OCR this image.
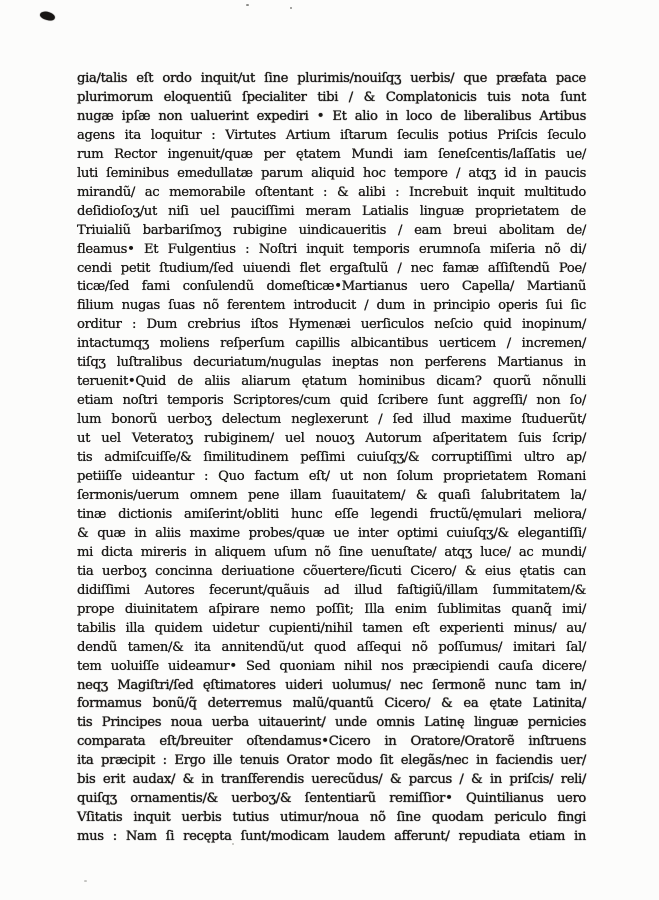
gia/talis eſt ordo inquit/ut ſine plurimis/nouiſqʒ uerbis/ que præfata pace
plurimorum eloquentiũ ſpecialiter tibi / & Complatonicis tuis nota ſunt
nugæ ipſæ non ualuerint expediri • Et alio in loco de liberalibus Artibus
agens ita loquitur : Virtutes Artium iſtarum ſeculis potius Priſcis ſeculo
rum Rector ingenuit/quæ per ętatem Mundi iam ſeneſcentis/laſſatis ue/
luti ſeminibus emedullatæ parum aliquid hoc tempore / atqʒ id in paucis
mirandũ/ ac memorabile oſtentant : & alibi : Increbuit inquit multitudo
deſidioſoʒ/ut niſi uel pauciſſimi meram Latialis linguæ proprietatem de
Triuialiũ barbariſmoʒ rubigine uindicaueritis / eam breui abolitam de/
fleamus• Et Fulgentius : Noſtri inquit temporis erumnoſa miſeria nõ di/
cendi petit ſtudium/ſed uiuendi flet ergaſtulũ / nec famæ aſſiſtendũ Poe/
ticæ/ſed fami conſulendũ domeſticæ•Martianus uero Capella/ Martianũ
filium nugas ſuas nõ ferentem introducit / dum in principio operis ſui ſic
orditur : Dum crebrius iſtos Hymenæi uerſiculos neſcio quid inopinum/
intactumqʒ moliens reſperſum capillis albicantibus uerticem / incremen/
tiſqʒ luſtralibus decuriatum/nugulas ineptas non perferens Martianus in
teruenit•Quid de aliis aliarum ętatum hominibus dicam? quorũ nõnulli
etiam noſtri temporis Scriptores/cum quid ſcribere ſunt aggreſſi/ non ſo/
lum bonorũ uerboʒ delectum neglexerunt / ſed illud maxime ſtuduerũt/
ut uel Veteratoʒ rubiginem/ uel nouoʒ Autorum aſperitatem ſuis ſcrip/
tis admiſcuiſſe/& ſimilitudinem peſſimi cuiuſqʒ/& corruptiſſimi ultro ap/
petiiſſe uideantur : Quo factum eſt/ ut non ſolum proprietatem Romani
ſermonis/uerum omnem pene illam ſuauitatem/ & quaſi ſalubritatem la/
tinæ dictionis amiſerint/obliti hunc eſſe legendi fructũ/ęmulari meliora/
& quæ in aliis maxime probes/quæ ue inter optimi cuiuſqʒ/& elegantiſſi/
mi dicta mireris in aliquem uſum nõ ſine uenuſtate/ atqʒ luce/ ac mundi/
tia uerboʒ concinna deriuatione cõuertere/ſicuti Cicero/ & eius ętatis can
didiſſimi Autores fecerunt/quãuis ad illud faſtigiũ/illam ſummitatem/&
prope diuinitatem aſpirare nemo poſſit; Illa enim ſublimitas quanq̃ imi/
tabilis illa quidem uidetur cupienti/nihil tamen eſt experienti minus/ au/
dendũ tamen/& ita annitendũ/ut quod aſſequi nõ poſſumus/ imitari ſal/
tem uoluiſſe uideamur• Sed quoniam nihil nos præcipiendi cauſa dicere/
neqʒ Magiſtri/ſed ęſtimatores uideri uolumus/ nec ſermonẽ nunc tam in/
formamus bonũ/q̃ deterremus malũ/quantũ Cicero/ & ea ętate Latinita/
tis Principes noua uerba uitauerint/ unde omnis Latinę linguæ pernicies
comparata eſt/breuiter oſtendamus•Cicero in Oratore/Oratorẽ inſtruens
ita præcipit : Ergo ille tenuis Orator modo ſit elegãs/nec in faciendis uer/
bis erit audax/ & in tranſferendis uerecũdus/ & parcus / & in priſcis/ reli/
quiſqʒ ornamentis/& uerboʒ/& ſententiarũ remiſſior• Quintilianus uero
Vſitatis inquit uerbis tutius utimur/noua nõ ſine quodam periculo fingi
mus : Nam ſi recępta ſunt/modicam laudem afferunt/ repudiata etiam in
